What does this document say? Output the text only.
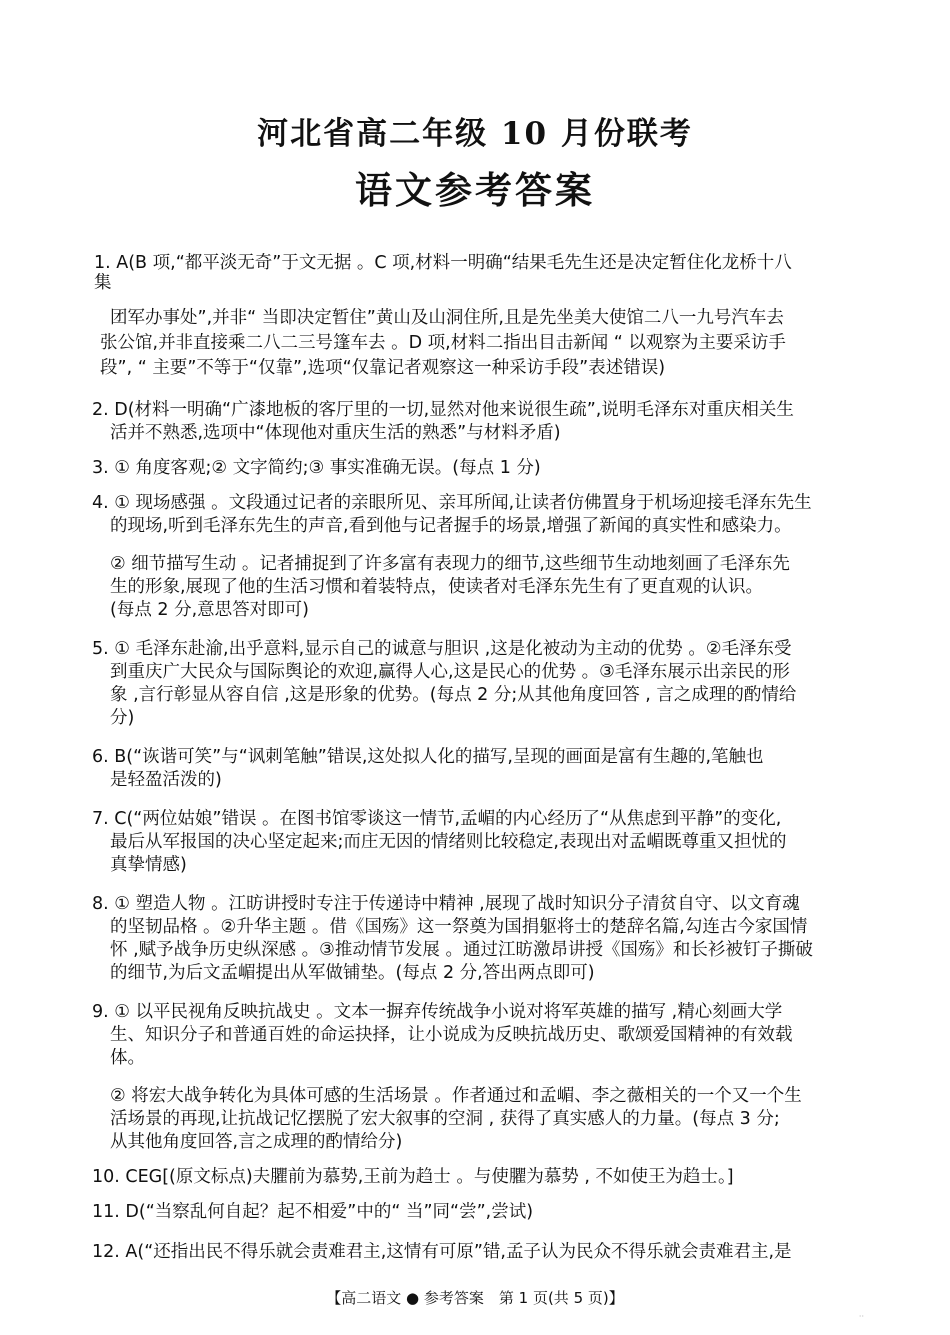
河北省高二年级 10 月份联考
语文参考答案
1. A(B 项,“都平淡无奇”于文无据 。C 项,材料一明确“结果毛先生还是决定暂住化龙桥十八
集
团军办事处”,并非“ 当即决定暂住”黄山及山洞住所,且是先坐美大使馆二八一九号汽车去
张公馆,并非直接乘二八二三号篷车去 。D 项,材料二指出目击新闻 “ 以观察为主要采访手
段”, “ 主要”不等于“仅靠”,选项“仅靠记者观察这一种采访手段”表述错误)
2. D(材料一明确“广漆地板的客厅里的一切,显然对他来说很生疏”,说明毛泽东对重庆相关生
活并不熟悉,选项中“体现他对重庆生活的熟悉”与材料矛盾)
3. ① 角度客观;② 文字简约;③ 事实准确无误。(每点 1 分)
4. ① 现场感强 。文段通过记者的亲眼所见、亲耳所闻,让读者仿佛置身于机场迎接毛泽东先生
的现场,听到毛泽东先生的声音,看到他与记者握手的场景,增强了新闻的真实性和感染力。
② 细节描写生动 。记者捕捉到了许多富有表现力的细节,这些细节生动地刻画了毛泽东先
生的形象,展现了他的生活习惯和着装特点，使读者对毛泽东先生有了更直观的认识。
(每点 2 分,意思答对即可)
5. ① 毛泽东赴渝,出乎意料,显示自己的诚意与胆识 ,这是化被动为主动的优势 。②毛泽东受
到重庆广大民众与国际舆论的欢迎,赢得人心,这是民心的优势 。③毛泽东展示出亲民的形
象 ,言行彰显从容自信 ,这是形象的优势。(每点 2 分;从其他角度回答 , 言之成理的酌情给
分)
6. B(“诙谐可笑”与“讽刺笔触”错误,这处拟人化的描写,呈现的画面是富有生趣的,笔触也
是轻盈活泼的)
7. C(“两位姑娘”错误 。在图书馆零谈这一情节,孟嵋的内心经历了“从焦虑到平静”的变化,
最后从军报国的决心坚定起来;而庄无因的情绪则比较稳定,表现出对孟嵋既尊重又担忧的
真挚情感)
8. ① 塑造人物 。江昉讲授时专注于传递诗中精神 ,展现了战时知识分子清贫自守、以文育魂
的坚韧品格 。②升华主题 。借《国殇》这一祭奠为国捐躯将士的楚辞名篇,勾连古今家国情
怀 ,赋予战争历史纵深感 。③推动情节发展 。通过江昉激昂讲授《国殇》和长衫被钉子撕破
的细节,为后文孟嵋提出从军做铺垫。(每点 2 分,答出两点即可)
9. ① 以平民视角反映抗战史 。文本一摒弃传统战争小说对将军英雄的描写 ,精心刻画大学
生、知识分子和普通百姓的命运抉择，让小说成为反映抗战历史、歌颂爱国精神的有效载
体。
② 将宏大战争转化为具体可感的生活场景 。作者通过和孟嵋、李之薇相关的一个又一个生
活场景的再现,让抗战记忆摆脱了宏大叙事的空洞 , 获得了真实感人的力量。(每点 3 分;
从其他角度回答,言之成理的酌情给分)
10. CEG[(原文标点)夫臞前为慕势,王前为趋士 。与使臞为慕势 , 不如使王为趋士。]
11. D(“当察乱何自起？起不相爱”中的“ 当”同“尝”,尝试)
12. A(“还指出民不得乐就会责难君主,这情有可原”错,孟子认为民众不得乐就会责难君主,是
【高二语文 ● 参考答案　第 1 页(共 5 页)】
··
